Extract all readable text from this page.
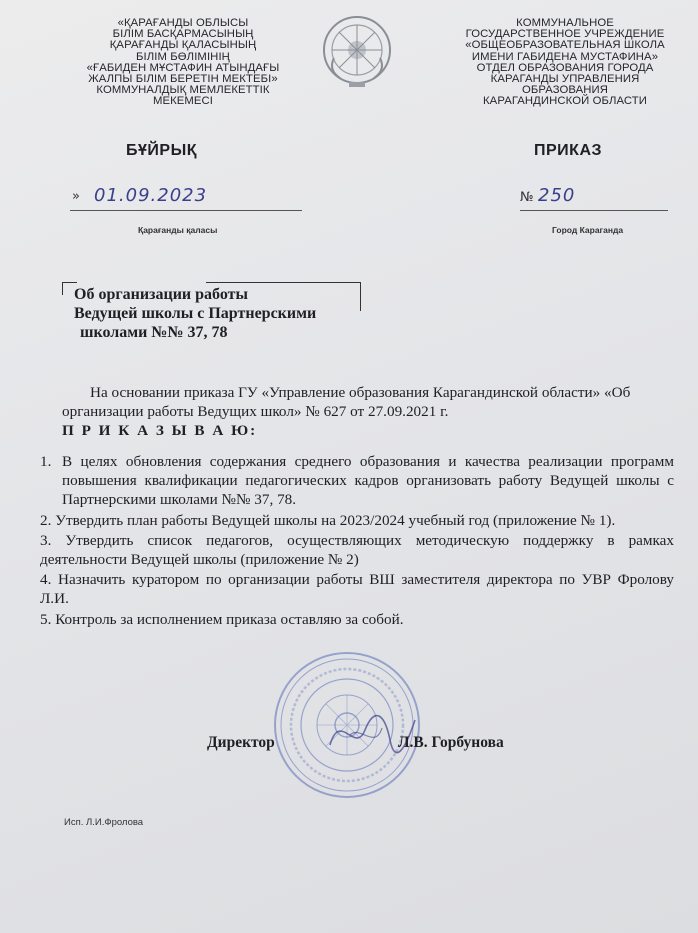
«ҚАРАҒАНДЫ ОБЛЫСЫ
БІЛІМ БАСҚАРМАСЫНЫҢ
ҚАРАҒАНДЫ ҚАЛАСЫНЫҢ
БІЛІМ БӨЛІМІНІҢ
«ҒАБИДЕН МҰСТАФИН АТЫНДАҒЫ
ЖАЛПЫ БІЛІМ БЕРЕТІН МЕКТЕБІ»
КОММУНАЛДЫҚ МЕМЛЕКЕТТІК
МЕКЕМЕСІ
КОММУНАЛЬНОЕ
ГОСУДАРСТВЕННОЕ УЧРЕЖДЕНИЕ
«ОБЩЕОБРАЗОВАТЕЛЬНАЯ ШКОЛА
ИМЕНИ ГАБИДЕНА МУСТАФИНА»
ОТДЕЛ ОБРАЗОВАНИЯ ГОРОДА
КАРАГАНДЫ УПРАВЛЕНИЯ
ОБРАЗОВАНИЯ
КАРАГАНДИНСКОЙ ОБЛАСТИ
БҰЙРЫҚ	ПРИКАЗ
» 01.09.2023	№ 250
Қарағанды қаласы	Город Караганда
Об организации работы
Ведущей школы с Партнерскими
школами №№ 37, 78
На основании приказа ГУ «Управление образования Карагандинской области» «Об организации работы Ведущих школ» № 627 от 27.09.2021 г.
П Р И К А З Ы В А Ю:
1. В целях обновления содержания среднего образования и качества реализации программ повышения квалификации педагогических кадров организовать работу Ведущей школы с Партнерскими школами №№ 37, 78.
2. Утвердить план работы Ведущей школы на 2023/2024 учебный год (приложение № 1).
3. Утвердить список педагогов, осуществляющих методическую поддержку в рамках деятельности Ведущей школы (приложение № 2)
4. Назначить куратором по организации работы ВШ заместителя директора по УВР Фролову Л.И.
5. Контроль за исполнением приказа оставляю за собой.
Директор	Л.В. Горбунова
Исп. Л.И.Фролова
